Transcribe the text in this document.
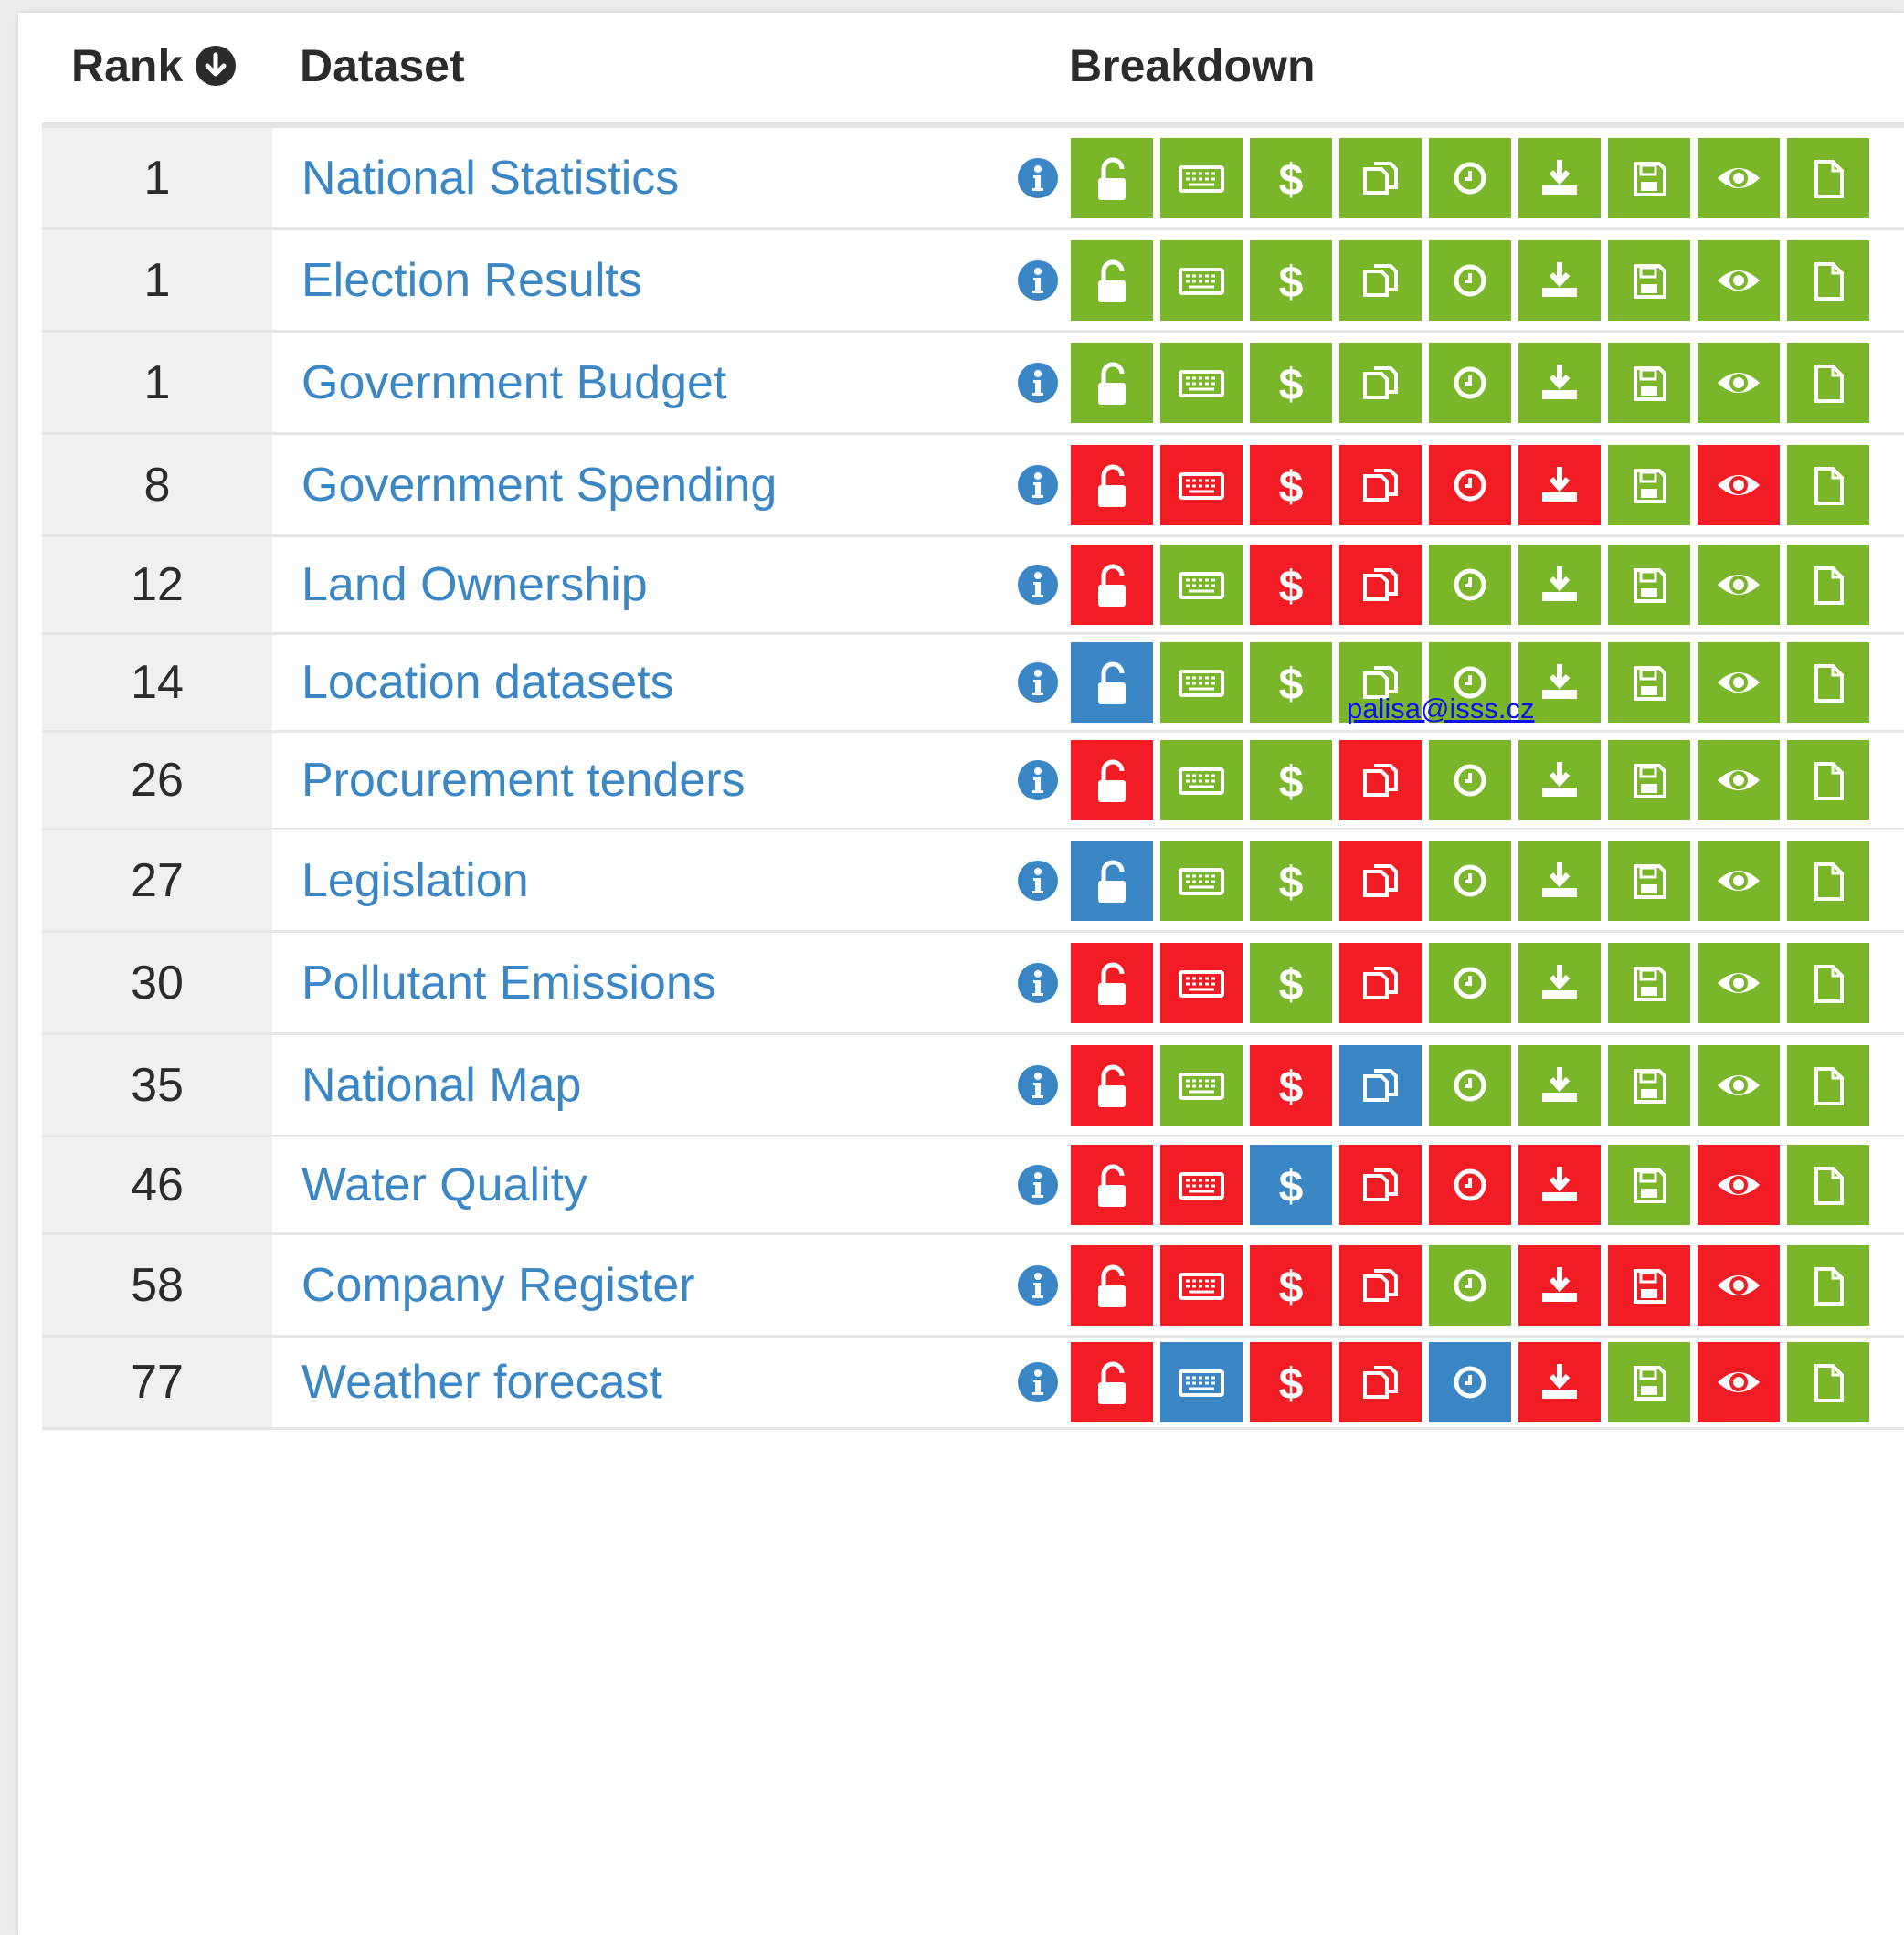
Rank	Dataset	Breakdown
1	National Statistics	$
1	Election Results	$
1	Government Budget	$
8	Government Spending	$
12	Land Ownership	$
14	Location datasets	$
26	Procurement tenders	$
27	Legislation	$
30	Pollutant Emissions	$
35	National Map	$
46	Water Quality	$
58	Company Register	$
77	Weather forecast	$
palisa@isss.cz
